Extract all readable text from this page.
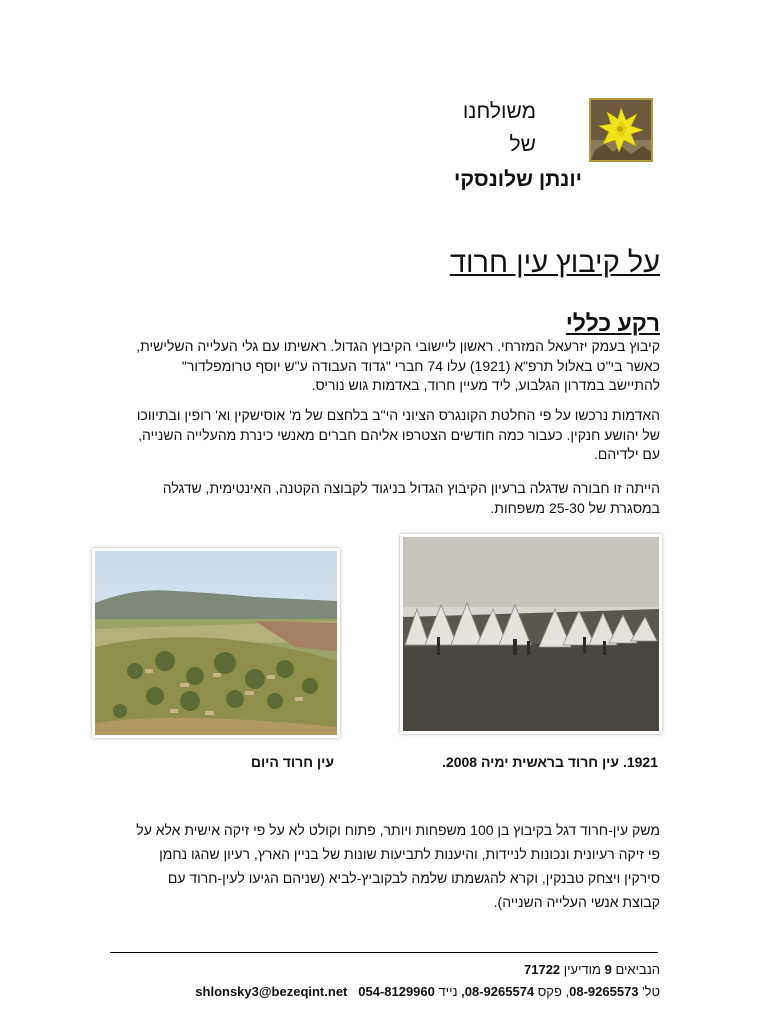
משולחנו
של
יונתן שלונסקי
על קיבוץ עין חרוד
רקע כללי
קיבוץ בעמק יזרעאל המזרחי. ראשון ליישובי הקיבוץ הגדול. ראשיתו עם גלי העלייה השלישית,
כאשר בי"ט באלול תרפ"א (1921) עלו 74 חברי "גדוד העבודה ע"ש יוסף טרומפלדור"
להתיישב במדרון הגלבוע, ליד מעיין חרוד, באדמות גוש נוריס.
האדמות נרכשו על פי החלטת הקונגרס הציוני הי"ב בלחצם של מ' אוסישקין וא' רופין ובתיווכו
של יהושע חנקין. כעבור כמה חודשים הצטרפו אליהם חברים מאנשי כינרת מהעלייה השנייה,
עם ילדיהם.
הייתה זו חבורה שדגלה ברעיון הקיבוץ הגדול בניגוד לקבוצה הקטנה, האינטימית, שדגלה
במסגרת של 25-30 משפחות.
1921. עין חרוד בראשית ימיה 2008.
עין חרוד היום
משק עין-חרוד דגל בקיבוץ בן 100 משפחות ויותר, פתוח וקולט לא על פי זיקה אישית אלא על
פי זיקה רעיונית ונכונות לניידות, והיענות לתביעות שונות של בניין הארץ, רעיון שהגו נחמן
סירקין ויצחק טבנקין, וקרא להגשמתו שלמה לבקוביץ-לביא (שניהם הגיעו לעין-חרוד עם
קבוצת אנשי העלייה השנייה).
הנביאים 9 מודיעין 71722
טל' 08-9265573, פקס 08-9265574, נייד 054-8129960   shlonsky3@bezeqint.net
